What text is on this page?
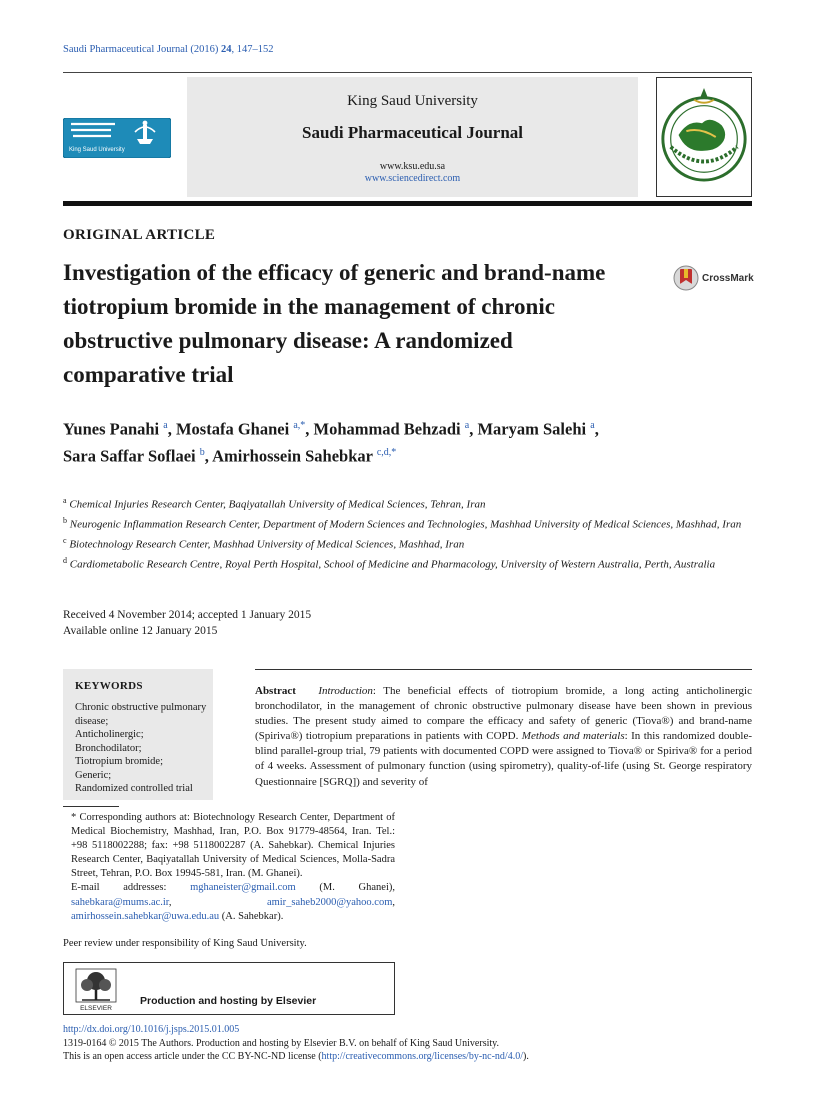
Saudi Pharmaceutical Journal (2016) 24, 147–152
King Saud University
King Saud University
Saudi Pharmaceutical Journal
www.ksu.edu.sa
www.sciencedirect.com
ORIGINAL ARTICLE
Investigation of the efficacy of generic and brand-name tiotropium bromide in the management of chronic obstructive pulmonary disease: A randomized comparative trial
CrossMark
Yunes Panahi $^a$, Mostafa Ghanei $^{a,*}$, Mohammad Behzadi $^a$, Maryam Salehi $^a$,
Sara Saffar Soflaei $^b$, Amirhossein Sahebkar $^{c,d,*}$
$^a$ Chemical Injuries Research Center, Baqiyatallah University of Medical Sciences, Tehran, Iran
$^b$ Neurogenic Inflammation Research Center, Department of Modern Sciences and Technologies, Mashhad University of Medical Sciences, Mashhad, Iran
$^c$ Biotechnology Research Center, Mashhad University of Medical Sciences, Mashhad, Iran
$^d$ Cardiometabolic Research Centre, Royal Perth Hospital, School of Medicine and Pharmacology, University of Western Australia, Perth, Australia
Received 4 November 2014; accepted 1 January 2015
Available online 12 January 2015
KEYWORDS
Chronic obstructive pulmonary disease;
Anticholinergic;
Bronchodilator;
Tiotropium bromide;
Generic;
Randomized controlled trial
Abstract Introduction: The beneficial effects of tiotropium bromide, a long acting anticholinergic bronchodilator, in the management of chronic obstructive pulmonary disease have been shown in previous studies. The present study aimed to compare the efficacy and safety of generic (Tiova®) and brand-name (Spiriva®) tiotropium preparations in patients with COPD. Methods and materials: In this randomized double-blind parallel-group trial, 79 patients with documented COPD were assigned to Tiova® or Spiriva® for a period of 4 weeks. Assessment of pulmonary function (using spirometry), quality-of-life (using St. George respiratory Questionnaire [SGRQ]) and severity of
* Corresponding authors at: Biotechnology Research Center, Department of Medical Biochemistry, Mashhad, Iran, P.O. Box 91779-48564, Iran. Tel.: +98 5118002288; fax: +98 5118002287 (A. Sahebkar). Chemical Injuries Research Center, Baqiyatallah University of Medical Sciences, Molla-Sadra Street, Tehran, P.O. Box 19945-581, Iran. (M. Ghanei).
E-mail addresses: mghaneister@gmail.com (M. Ghanei), sahebkara@mums.ac.ir, amir_saheb2000@yahoo.com, amirhossein.sahebkar@uwa.edu.au (A. Sahebkar).
Peer review under responsibility of King Saud University.
ELSEVIER
Production and hosting by Elsevier
http://dx.doi.org/10.1016/j.jsps.2015.01.005
1319-0164 © 2015 The Authors. Production and hosting by Elsevier B.V. on behalf of King Saud University.
This is an open access article under the CC BY-NC-ND license (http://creativecommons.org/licenses/by-nc-nd/4.0/).
